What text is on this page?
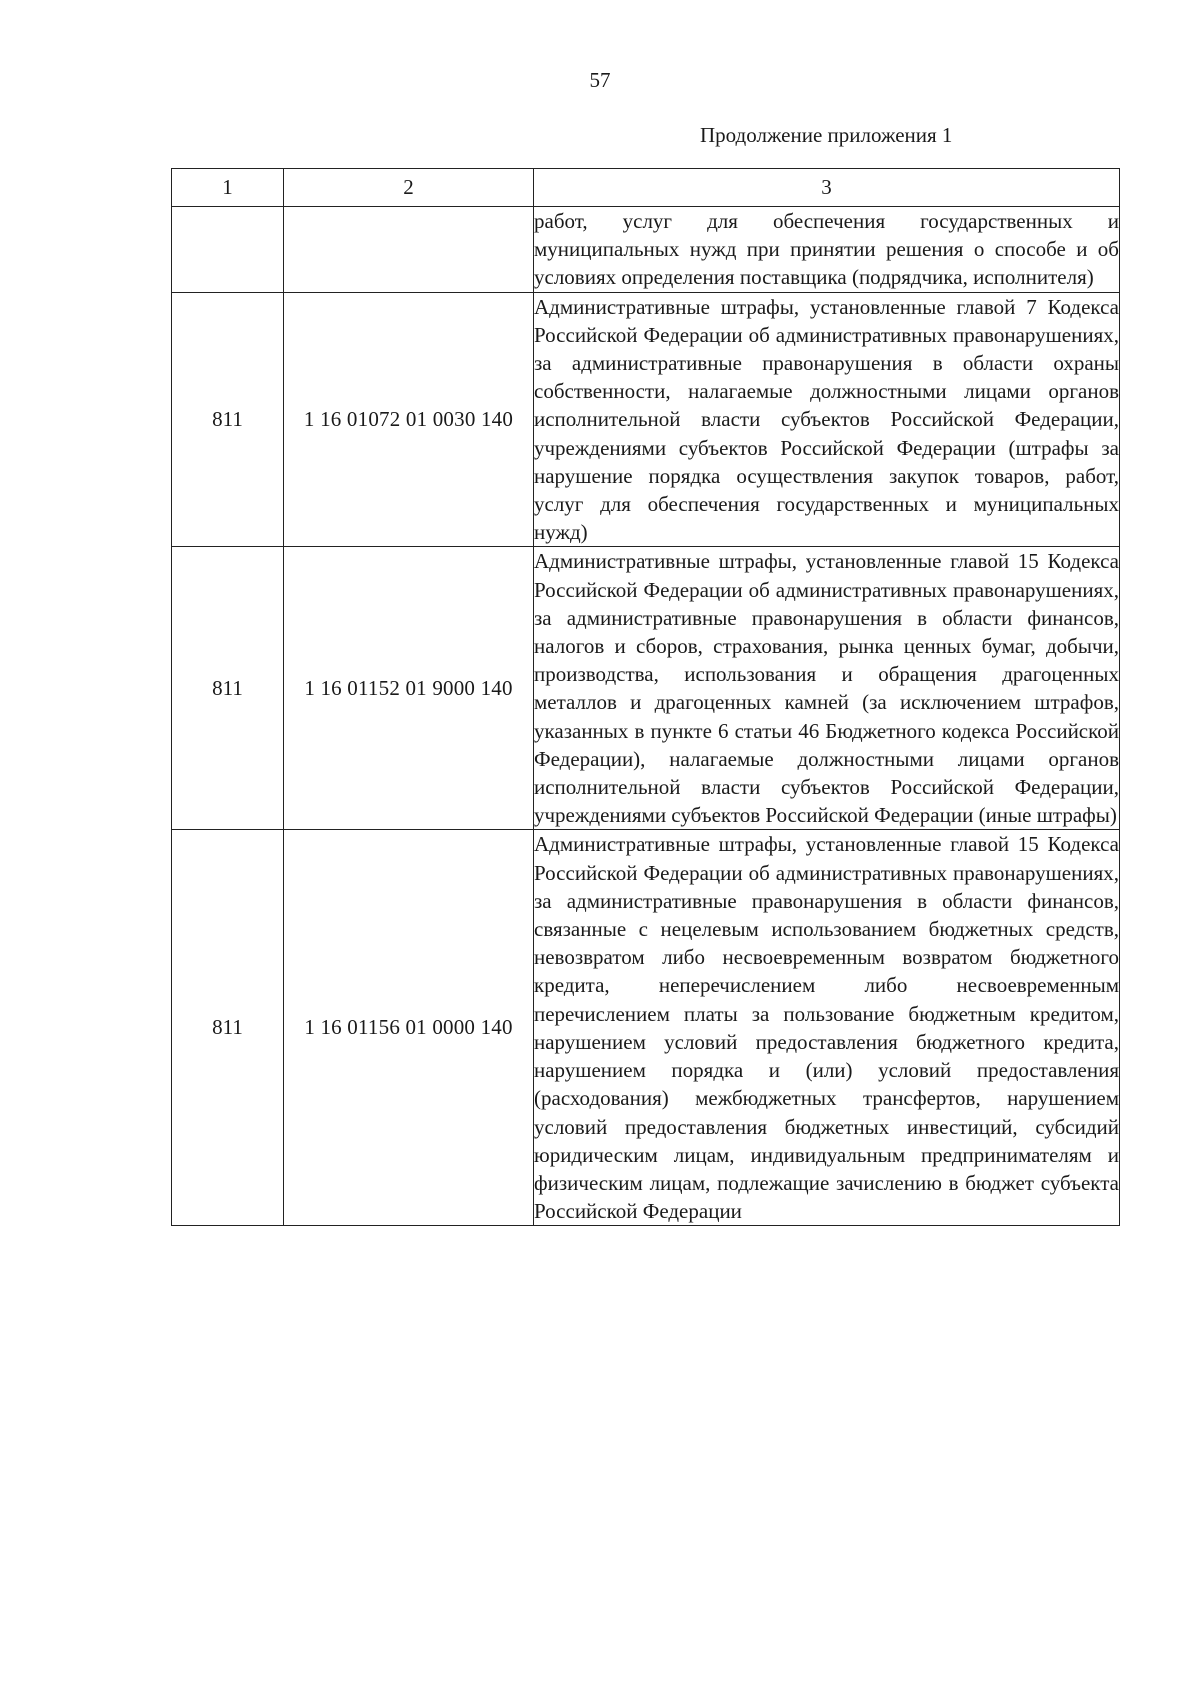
57
Продолжение приложения 1
1	2	3
		работ, услуг для обеспечения государственных и муниципальных нужд при принятии решения о способе и об условиях определения поставщика (подрядчика, исполнителя)
811	1 16 01072 01 0030 140	Административные штрафы, установленные главой 7 Кодекса Российской Федерации об административных правонарушениях, за административные правонарушения в области охраны собственности, налагаемые должностными лицами органов исполнительной власти субъектов Российской Федерации, учреждениями субъектов Российской Федерации (штрафы за нарушение порядка осуществления закупок товаров, работ, услуг для обеспечения государственных и муниципальных нужд)
811	1 16 01152 01 9000 140	Административные штрафы, установленные главой 15 Кодекса Российской Федерации об административных правонарушениях, за административные правонарушения в области финансов, налогов и сборов, страхования, рынка ценных бумаг, добычи, производства, использования и обращения драгоценных металлов и драгоценных камней (за исключением штрафов, указанных в пункте 6 статьи 46 Бюджетного кодекса Российской Федерации), налагаемые должностными лицами органов исполнительной власти субъектов Российской Федерации, учреждениями субъектов Российской Федерации (иные штрафы)
811	1 16 01156 01 0000 140	Административные штрафы, установленные главой 15 Кодекса Российской Федерации об административных правонарушениях, за административные правонарушения в области финансов, связанные с нецелевым использованием бюджетных средств, невозвратом либо несвоевременным возвратом бюджетного кредита, неперечислением либо несвоевременным перечислением платы за пользование бюджетным кредитом, нарушением условий предоставления бюджетного кредита, нарушением порядка и (или) условий предоставления (расходования) межбюджетных трансфертов, нарушением условий предоставления бюджетных инвестиций, субсидий юридическим лицам, индивидуальным предпринимателям и физическим лицам, подлежащие зачислению в бюджет субъекта Российской Федерации
